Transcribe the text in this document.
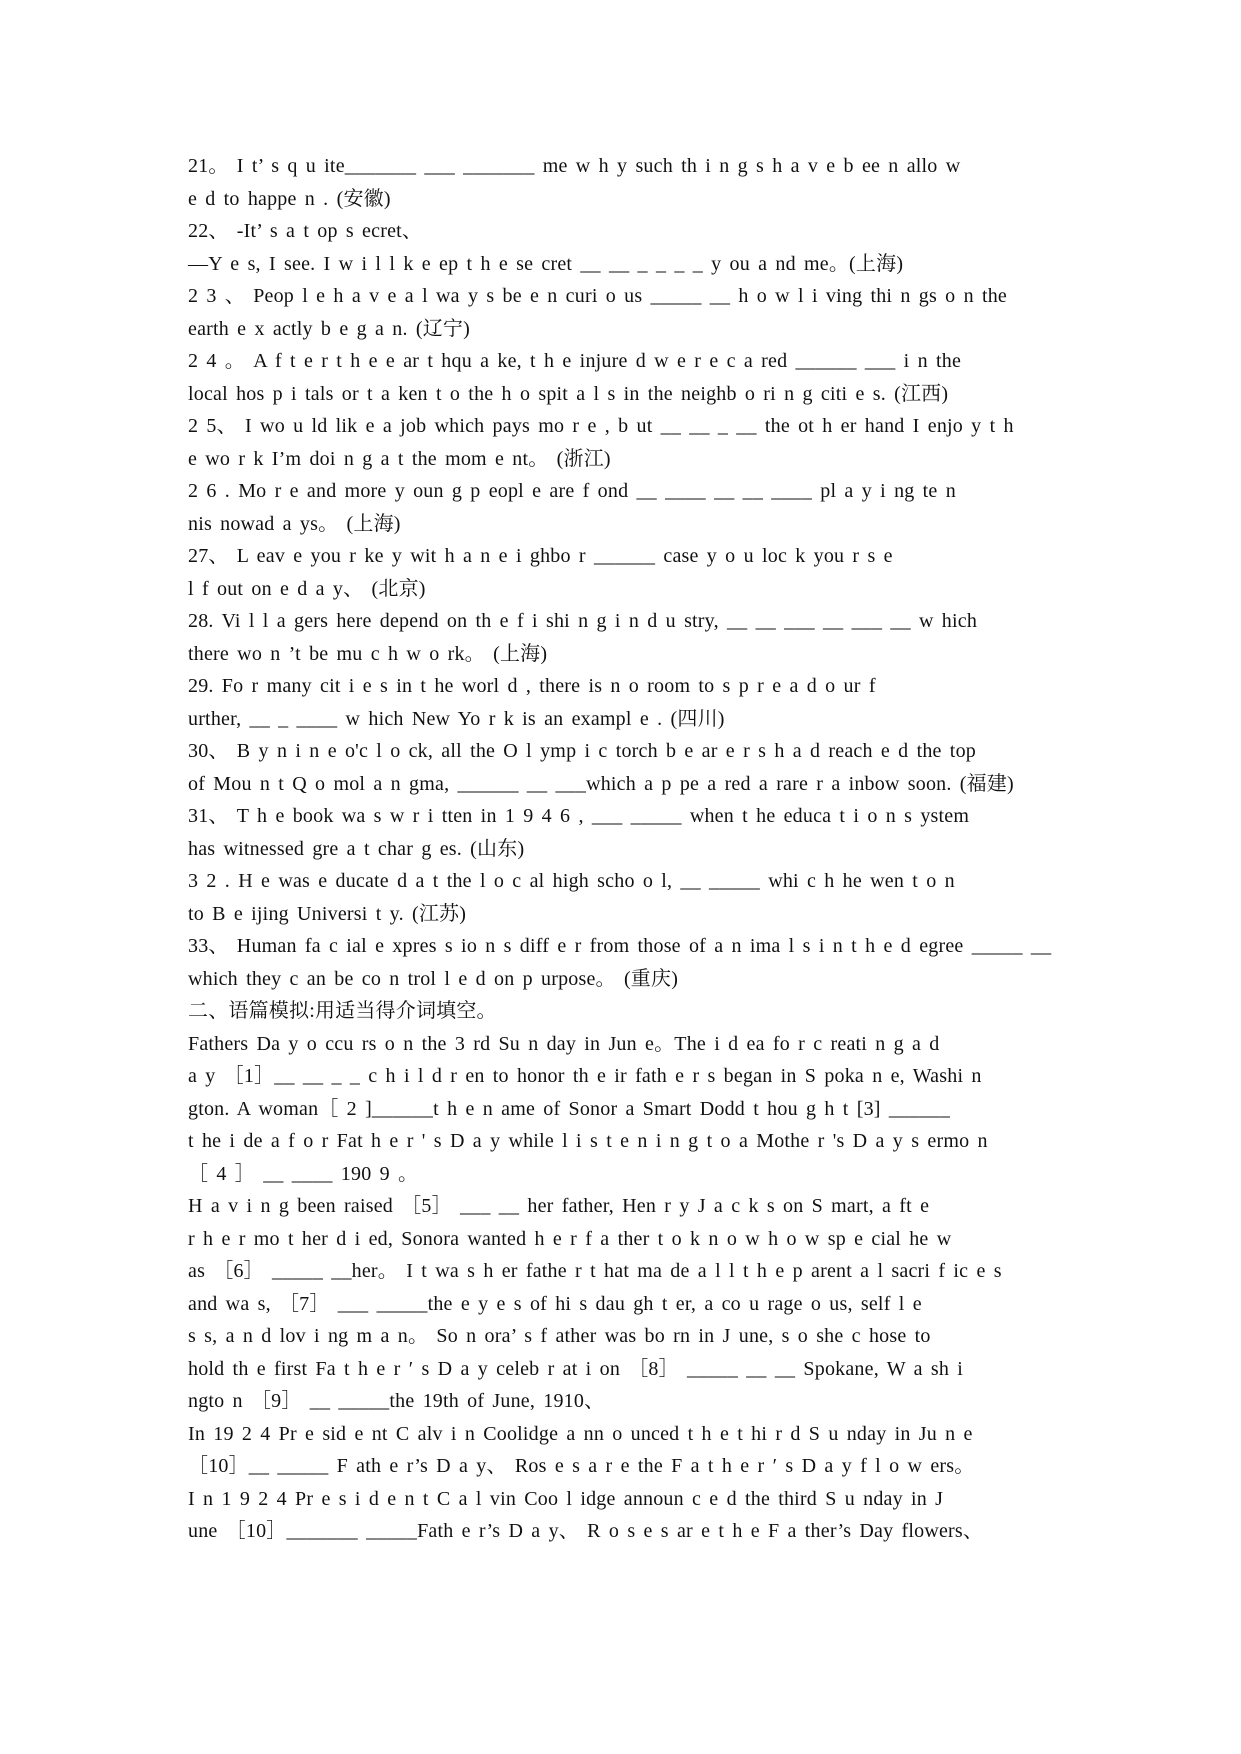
21。 I t’ s q u ite_______ ___ _______ me w h y such th i n g s h a v e b ee n allo w
e d to happe n . (安徽)
22、 -It’ s a t op s ecret、
—Y e s, I see. I w i l l k e ep t h e se cret __ __ _ _ _ _ y ou a nd me。(上海)
2 3 、 Peop l e h a v e a l wa y s be e n curi o us _____ __ h o w l i ving thi n gs o n the
earth e x actly b e g a n. (辽宁)
2 4 。 A f t e r t h e e ar t hqu a ke, t h e injure d w e r e c a red ______ ___ i n the
local hos p i tals or t a ken t o the h o spit a l s in the neighb o ri n g citi e s. (江西)
2 5、 I wo u ld lik e a job which pays mo r e , b ut __ __ _ __ the ot h er hand I enjo y t h
e wo r k I’m doi n g a t the mom e nt。 (浙江)
2 6 . Mo r e and more y oun g p eopl e are f ond __ ____ __ __ ____ pl a y i ng te n
nis nowad a ys。 (上海)
27、 L eav e you r ke y wit h a n e i ghbo r ______ case y o u loc k you r s e
l f out on e d a y、 (北京)
28. Vi l l a gers here depend on th e f i shi n g i n d u stry, __ __ ___ __ ___ __ w hich
there wo n ’t be mu c h w o rk。 (上海)
29. Fo r many cit i e s in t he worl d , there is n o room to s p r e a d o ur f
urther, __ _ ____ w hich New Yo r k is an exampl e . (四川)
30、 B y n i n e o'c l o ck, all the O l ymp i c torch b e ar e r s h a d reach e d the top
of Mou n t Q o mol a n gma, ______ __ ___which a p pe a red a rare r a inbow soon. (福建)
31、 T h e book wa s w r i tten in 1 9 4 6 , ___ _____ when t he educa t i o n s ystem
has witnessed gre a t char g es. (山东)
3 2 . H e was e ducate d a t the l o c al high scho o l, __ _____ whi c h he wen t o n
to B e ijing Universi t y. (江苏)
33、 Human fa c ial e xpres s io n s diff e r from those of a n ima l s i n t h e d egree _____ __
which they c an be co n trol l e d on p urpose。 (重庆)
二、语篇模拟:用适当得介词填空。
Fathers Da y o ccu rs o n the 3 rd Su n day in Jun e。The i d ea fo r c reati n g a d
a y ［1］__ __ _ _ c h i l d r en to honor th e ir fath e r s began in S poka n e, Washi n
gton. A woman［ 2 ]______t h e n ame of Sonor a Smart Dodd t hou g h t [3] ______
t he i de a f o r Fat h e r ' s D a y while l i s t e n i n g t o a Mothe r 's D a y s ermo n
［ 4 ］ __ ____ 190 9 。
H a v i n g been raised ［5］ ___ __ her father, Hen r y J a c k s on S mart, a ft e
r h e r mo t her d i ed, Sonora wanted h e r f a ther t o k n o w h o w sp e cial he w
as ［6］ _____ __her。 I t wa s h er fathe r t hat ma de a l l t h e p arent a l sacri f ic e s
and wa s, ［7］ ___ _____the e y e s of hi s dau gh t er, a co u rage o us, self l e
s s, a n d lov i ng m a n。 So n ora’ s f ather was bo rn in J une, s o she c hose to
hold th e first Fa t h e r ′ s D a y celeb r at i on ［8］ _____ __ __ Spokane, W a sh i
ngto n ［9］ __ _____the 19th of June, 1910、
In 19 2 4 Pr e sid e nt C alv i n Coolidge a nn o unced t h e t hi r d S u nday in Ju n e
［10］__ _____ F ath e r’s D a y、 Ros e s a r e the F a t h e r ′ s D a y f l o w ers。
I n 1 9 2 4 Pr e s i d e n t C a l vin Coo l idge announ c e d the third S u nday in J
une ［10］_______ _____Fath e r’s D a y、 R o s e s ar e t h e F a ther’s Day flowers、
